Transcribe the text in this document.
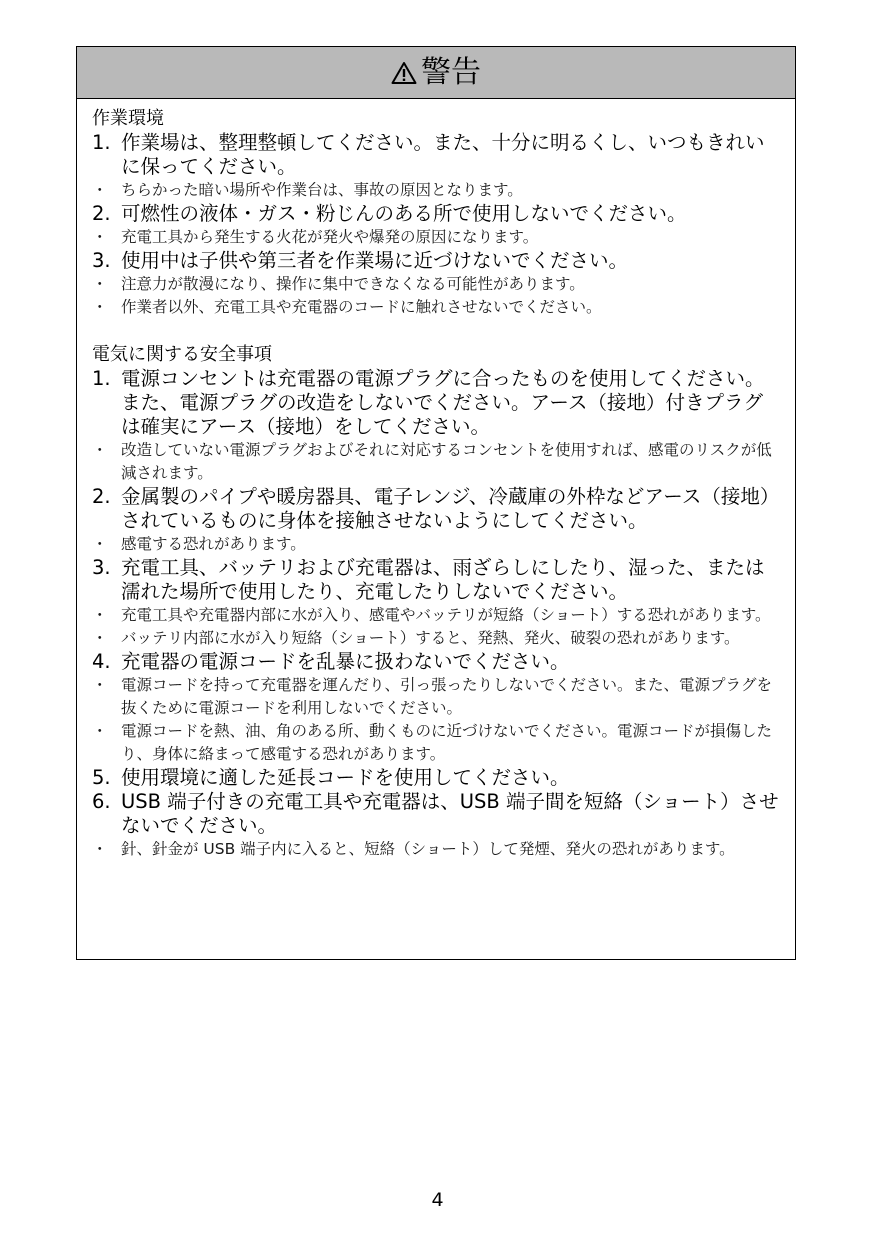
警告
作業環境
1. 作業場は、整理整頓してください。また、十分に明るくし、いつもきれいに保ってください。
・ ちらかった暗い場所や作業台は、事故の原因となります。
2. 可燃性の液体・ガス・粉じんのある所で使用しないでください。
・ 充電工具から発生する火花が発火や爆発の原因になります。
3. 使用中は子供や第三者を作業場に近づけないでください。
・ 注意力が散漫になり、操作に集中できなくなる可能性があります。
・ 作業者以外、充電工具や充電器のコードに触れさせないでください。
電気に関する安全事項
1. 電源コンセントは充電器の電源プラグに合ったものを使用してください。また、電源プラグの改造をしないでください。アース（接地）付きプラグは確実にアース（接地）をしてください。
・ 改造していない電源プラグおよびそれに対応するコンセントを使用すれば、感電のリスクが低減されます。
2. 金属製のパイプや暖房器具、電子レンジ、冷蔵庫の外枠などアース（接地）されているものに身体を接触させないようにしてください。
・ 感電する恐れがあります。
3. 充電工具、バッテリおよび充電器は、雨ざらしにしたり、湿った、または濡れた場所で使用したり、充電したりしないでください。
・ 充電工具や充電器内部に水が入り、感電やバッテリが短絡（ショート）する恐れがあります。
・ バッテリ内部に水が入り短絡（ショート）すると、発熱、発火、破裂の恐れがあります。
4. 充電器の電源コードを乱暴に扱わないでください。
・ 電源コードを持って充電器を運んだり、引っ張ったりしないでください。また、電源プラグを抜くために電源コードを利用しないでください。
・ 電源コードを熱、油、角のある所、動くものに近づけないでください。電源コードが損傷したり、身体に絡まって感電する恐れがあります。
5. 使用環境に適した延長コードを使用してください。
6. USB 端子付きの充電工具や充電器は、USB 端子間を短絡（ショート）させないでください。
・ 針、針金が USB 端子内に入ると、短絡（ショート）して発煙、発火の恐れがあります。
4
